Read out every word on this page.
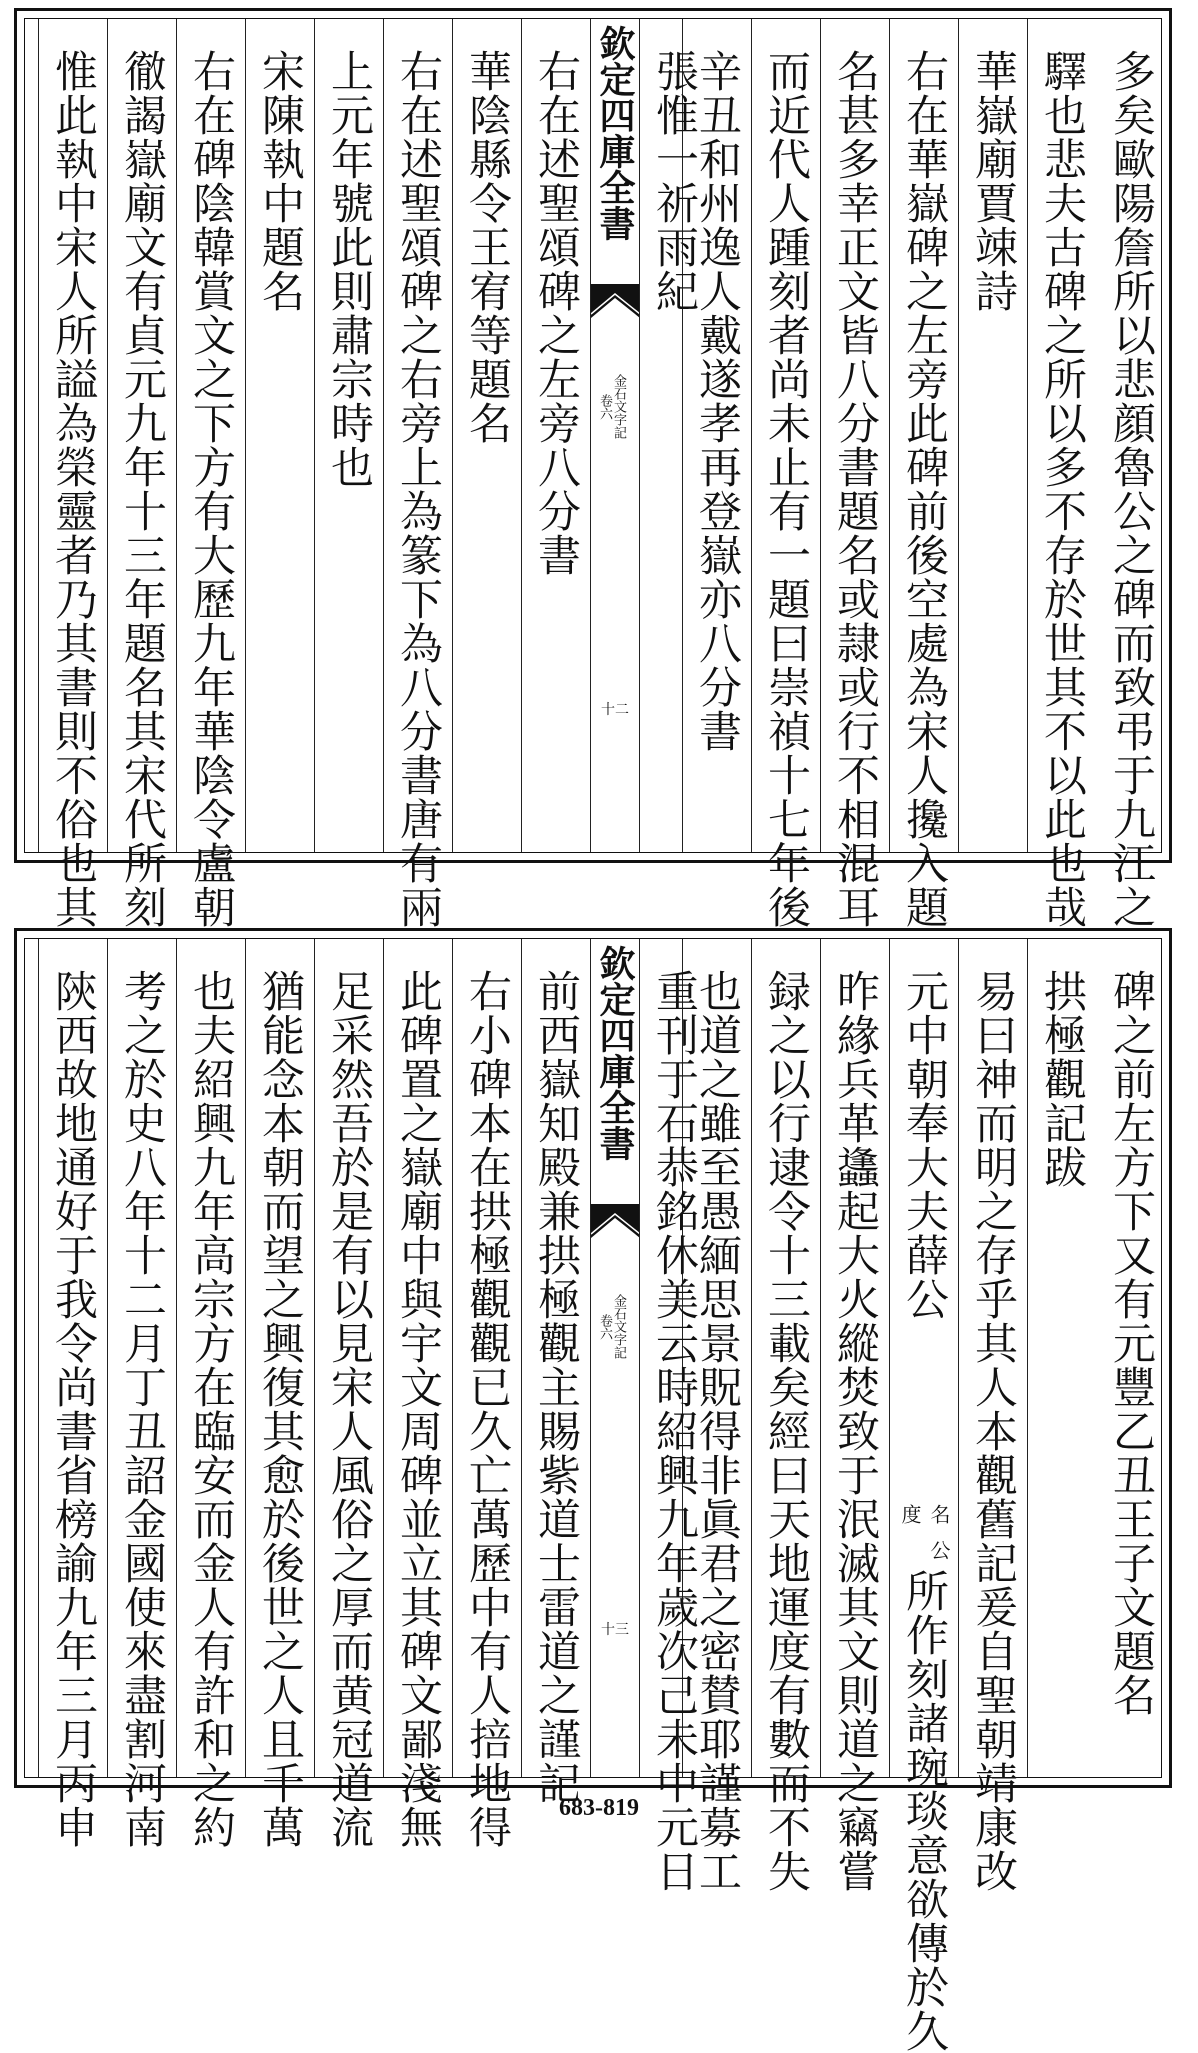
多矣歐陽詹所以悲顔魯公之碑而致弔于九江之
驛也悲夫古碑之所以多不存於世其不以此也哉
華嶽廟賈竦詩
右在華嶽碑之左旁此碑前後空處為宋人攙入題
名甚多幸正文皆八分書題名或隷或行不相混耳
而近代人踵刻者尚未止有一題曰崇禎十七年後
辛丑和州逸人戴遂孝再登嶽亦八分書
張惟一祈雨紀
欽定四庫全書
金石文字記
卷六
十二
右在述聖頌碑之左旁八分書
華陰縣令王宥等題名
右在述聖頌碑之右旁上為篆下為八分書唐有兩
上元年號此則肅宗時也
宋陳執中題名
右在碑陰韓賞文之下方有大歷九年華陰令盧朝
徹謁嶽廟文有貞元九年十三年題名其宋代所刻
惟此執中宋人所謚為榮靈者乃其書則不俗也其
碑之前左方下又有元豐乙丑王子文題名
拱極觀記跋
易曰神而明之存乎其人本觀舊記爰自聖朝靖康改
元中朝奉大夫薛公
名
度
公
所作刻諸琬琰意欲傳於久
昨緣兵革蠭起大火縱焚致于泯滅其文則道之竊嘗
録之以行逮令十三載矣經曰天地運度有數而不失
也道之雖至愚緬思景貺得非眞君之密賛耶謹募工
重刊于石恭銘休美云時紹興九年歲次己未中元日
欽定四庫全書
金石文字記
卷六
十三
前西嶽知殿兼拱極觀主賜紫道士雷道之謹記
右小碑本在拱極觀觀已久亡萬歷中有人掊地得
此碑置之嶽廟中與宇文周碑並立其碑文鄙淺無
足采然吾於是有以見宋人風俗之厚而黄冠道流
猶能念本朝而望之興復其愈於後世之人且千萬
也夫紹興九年高宗方在臨安而金人有許和之約
考之於史八年十二月丁丑詔金國使來盡割河南
陝西故地通好于我令尚書省榜諭九年三月丙申	683-819
